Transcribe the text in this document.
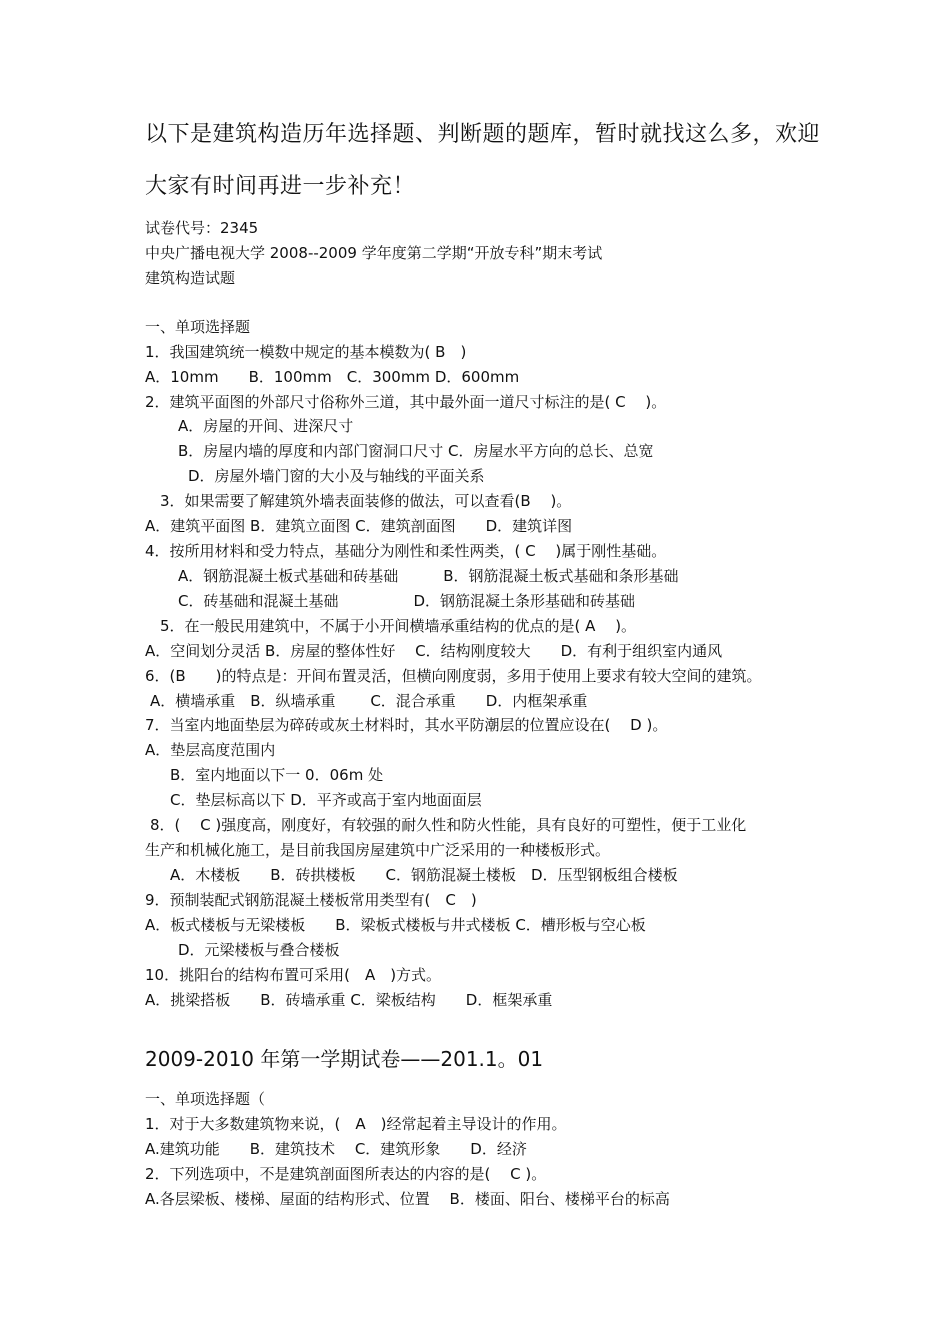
以下是建筑构造历年选择题、判断题的题库，暂时就找这么多，欢迎
大家有时间再进一步补充！
试卷代号：2345
中央广播电视大学 2008--2009 学年度第二学期“开放专科”期末考试
建筑构造试题
一、单项选择题
1．我国建筑统一模数中规定的基本模数为( B　)
A．10mm　　B．100mm　C．300mm D．600mm
2．建筑平面图的外部尺寸俗称外三道，其中最外面一道尺寸标注的是( C　 )。
A．房屋的开间、进深尺寸
B．房屋内墙的厚度和内部门窗洞口尺寸 C．房屋水平方向的总长、总宽
D．房屋外墙门窗的大小及与轴线的平面关系
3．如果需要了解建筑外墙表面装修的做法，可以查看(B　 )。
A．建筑平面图 B．建筑立面图 C．建筑剖面图　　D．建筑详图
4．按所用材料和受力特点，基础分为刚性和柔性两类，( C　 )属于刚性基础。
A．钢筋混凝土板式基础和砖基础　　　B．钢筋混凝土板式基础和条形基础
C．砖基础和混凝土基础　　　　　D．钢筋混凝土条形基础和砖基础
5．在一般民用建筑中，不属于小开间横墙承重结构的优点的是( A　 )。
A．空间划分灵活 B．房屋的整体性好　 C．结构刚度较大　　D．有利于组织室内通风
6．(B　　)的特点是：开间布置灵活，但横向刚度弱，多用于使用上要求有较大空间的建筑。
A．横墙承重　B．纵墙承重　　 C．混合承重　　D．内框架承重
7．当室内地面垫层为碎砖或灰土材料时，其水平防潮层的位置应设在(　 D )。
A．垫层高度范围内
B．室内地面以下一 0．06m 处
C．垫层标高以下 D．平齐或高于室内地面面层
8．(　 C )强度高，刚度好，有较强的耐久性和防火性能，具有良好的可塑性，便于工业化
生产和机械化施工，是目前我国房屋建筑中广泛采用的一种楼板形式。
A．木楼板　　B．砖拱楼板　　C．钢筋混凝土楼板　D．压型钢板组合楼板
9．预制装配式钢筋混凝土楼板常用类型有(　C　)
A．板式楼板与无梁楼板　　B．梁板式楼板与井式楼板 C．槽形板与空心板
D．元梁楼板与叠合楼板
10．挑阳台的结构布置可采用(　A　)方式。
A．挑梁搭板　　B．砖墙承重 C．梁板结构　　D．框架承重
2009-2010 年第一学期试卷——201.1。01
一、单项选择题（
1．对于大多数建筑物来说，(　A　)经常起着主导设计的作用。
A.建筑功能　　B．建筑技术　 C．建筑形象　　D．经济
2．下列选项中，不是建筑剖面图所表达的内容的是(　 C )。
A.各层梁板、楼梯、屋面的结构形式、位置　 B．楼面、阳台、楼梯平台的标高
